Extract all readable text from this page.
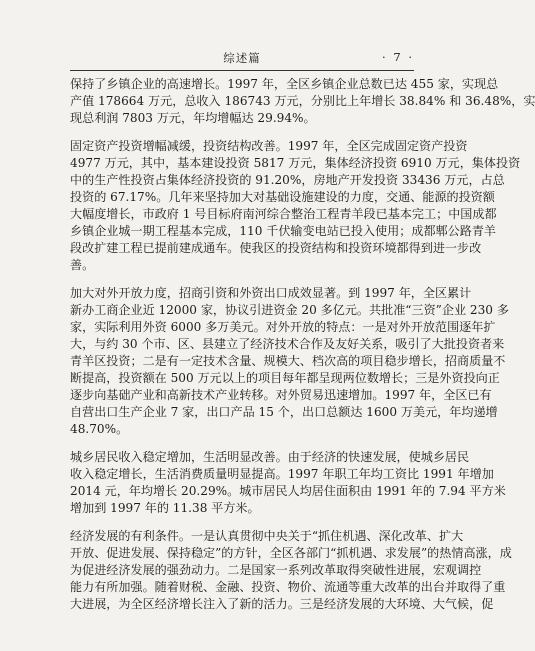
综述篇	· 7 ·
保持了乡镇企业的高速增长。1997 年，全区乡镇企业总数已达 455 家，实现总
产值 178664 万元，总收入 186743 万元，分别比上年增长 38.84% 和 36.48%，实
现总利润 7803 万元，年均增幅达 29.94%。
固定资产投资增幅减缓，投资结构改善。1997 年，全区完成固定资产投资
4977 万元，其中，基本建设投资 5817 万元，集体经济投资 6910 万元，集体投资
中的生产性投资占集体经济投资的 91.20%，房地产开发投资 33436 万元，占总
投资的 67.17%。几年来坚持加大对基础设施建设的力度，交通、能源的投资额
大幅度增长，市政府 1 号目标府南河综合整治工程青羊段已基本完工；中国成都
乡镇企业城一期工程基本完成，110 千伏输变电站已投入使用；成都郫公路青羊
段改扩建工程已提前建成通车。使我区的投资结构和投资环境都得到进一步改
善。
加大对外开放力度，招商引资和外资出口成效显著。到 1997 年，全区累计
新办工商企业近 12000 家，协议引进资金 20 多亿元。共批准“三资”企业 230 多
家，实际利用外资 6000 多万美元。对外开放的特点：一是对外开放范围逐年扩
大，与约 30 个市、区、县建立了经济技术合作及友好关系，吸引了大批投资者来
青羊区投资；二是有一定技术含量、规模大、档次高的项目稳步增长，招商质量不
断提高，投资额在 500 万元以上的项目每年都呈现两位数增长；三是外资投向正
逐步向基础产业和高新技术产业转移。对外贸易迅速增加。1997 年，全区已有
自营出口生产企业 7 家，出口产品 15 个，出口总额达 1600 万美元，年均递增
48.70%。
城乡居民收入稳定增加，生活明显改善。由于经济的快速发展，使城乡居民
收入稳定增长，生活消费质量明显提高。1997 年职工年均工资比 1991 年增加
2014 元，年均增长 20.29%。城市居民人均居住面积由 1991 年的 7.94 平方米
增加到 1997 年的 11.38 平方米。
经济发展的有利条件。一是认真贯彻中央关于“抓住机遇、深化改革、扩大
开放、促进发展、保持稳定”的方针，全区各部门“抓机遇、求发展”的热情高涨，成
为促进经济发展的强劲动力。二是国家一系列改革取得突破性进展，宏观调控
能力有所加强。随着财税、金融、投资、物价、流通等重大改革的出台并取得了重
大进展，为全区经济增长注入了新的活力。三是经济发展的大环境、大气候，促
